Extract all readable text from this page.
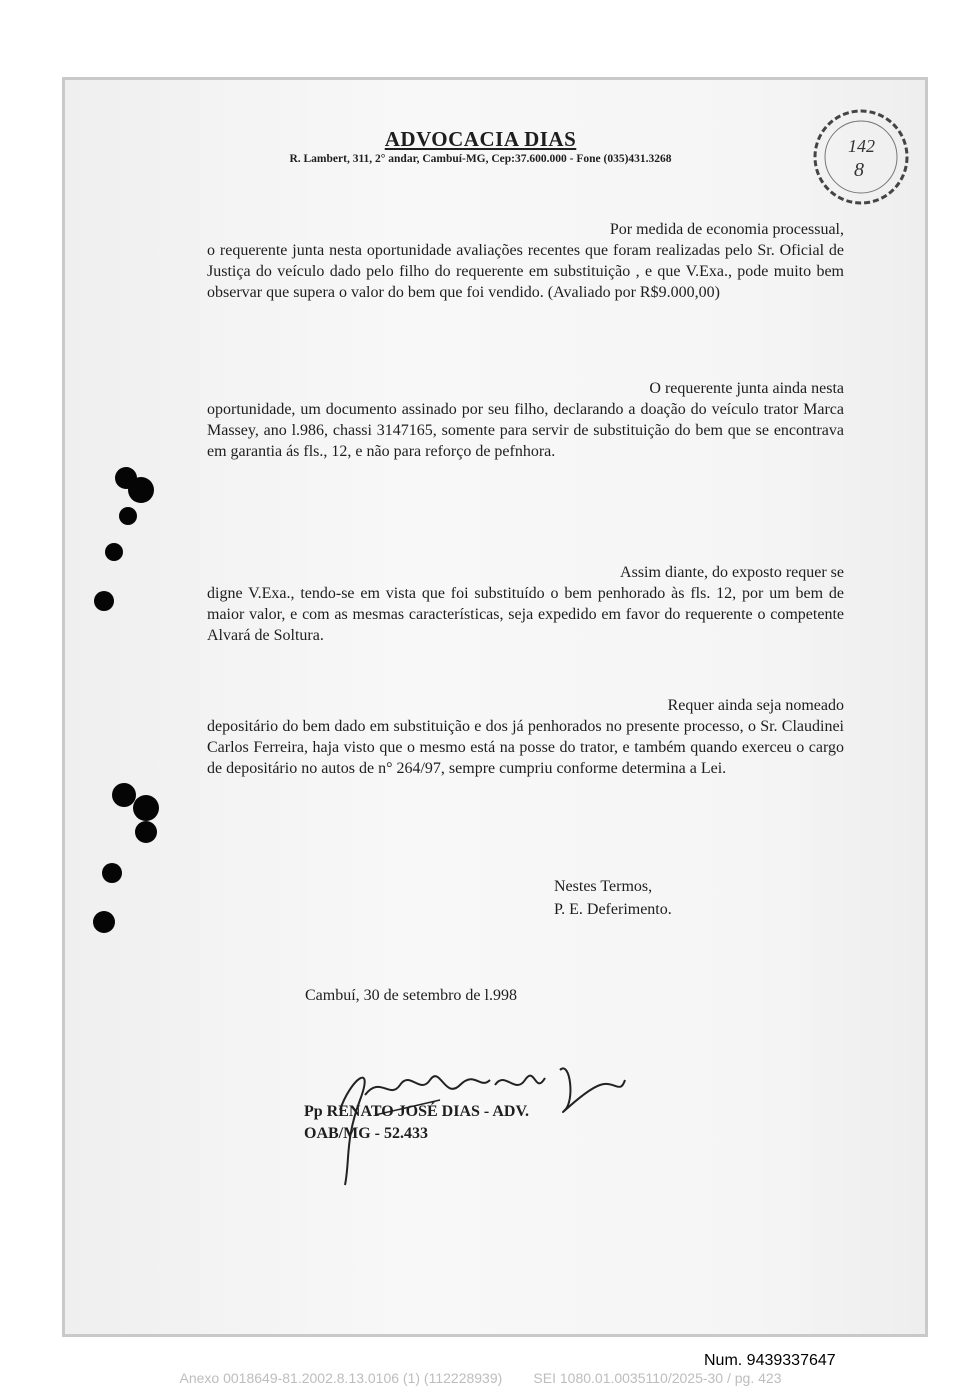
ADVOCACIA DIAS
R. Lambert, 311, 2° andar, Cambuí-MG, Cep:37.600.000 - Fone (035)431.3268
142
8
Por medida de economia processual,
o requerente junta nesta oportunidade avaliações recentes que foram realizadas pelo Sr. Oficial de Justiça do veículo dado pelo filho do requerente em substituição , e que V.Exa., pode muito bem observar que supera o valor do bem que foi vendido. (Avaliado por R$9.000,00)
O requerente junta ainda nesta
oportunidade, um documento assinado por seu filho, declarando a doação do veículo trator Marca Massey, ano l.986, chassi 3147165, somente para servir de substituição do bem que se encontrava em garantia ás fls., 12, e não para reforço de pefnhora.
Assim diante, do exposto requer se
digne V.Exa., tendo-se em vista que foi substituído o bem penhorado às fls. 12, por um bem de maior valor, e com as mesmas características, seja expedido em favor do requerente o competente Alvará de Soltura.
Requer ainda seja nomeado
depositário do bem dado em substituição e dos já penhorados no presente processo, o Sr. Claudinei Carlos Ferreira, haja visto que o mesmo está na posse do trator, e também quando exerceu o cargo de depositário no autos de n° 264/97, sempre cumpriu conforme determina a Lei.
Nestes Termos,
P. E. Deferimento.
Cambuí, 30 de setembro de l.998
Pp RENATO JOSÉ DIAS - ADV.
OAB/MG - 52.433
Num. 9439337647
Anexo 0018649-81.2002.8.13.0106 (1) (112228939)        SEI 1080.01.0035110/2025-30 / pg. 423
